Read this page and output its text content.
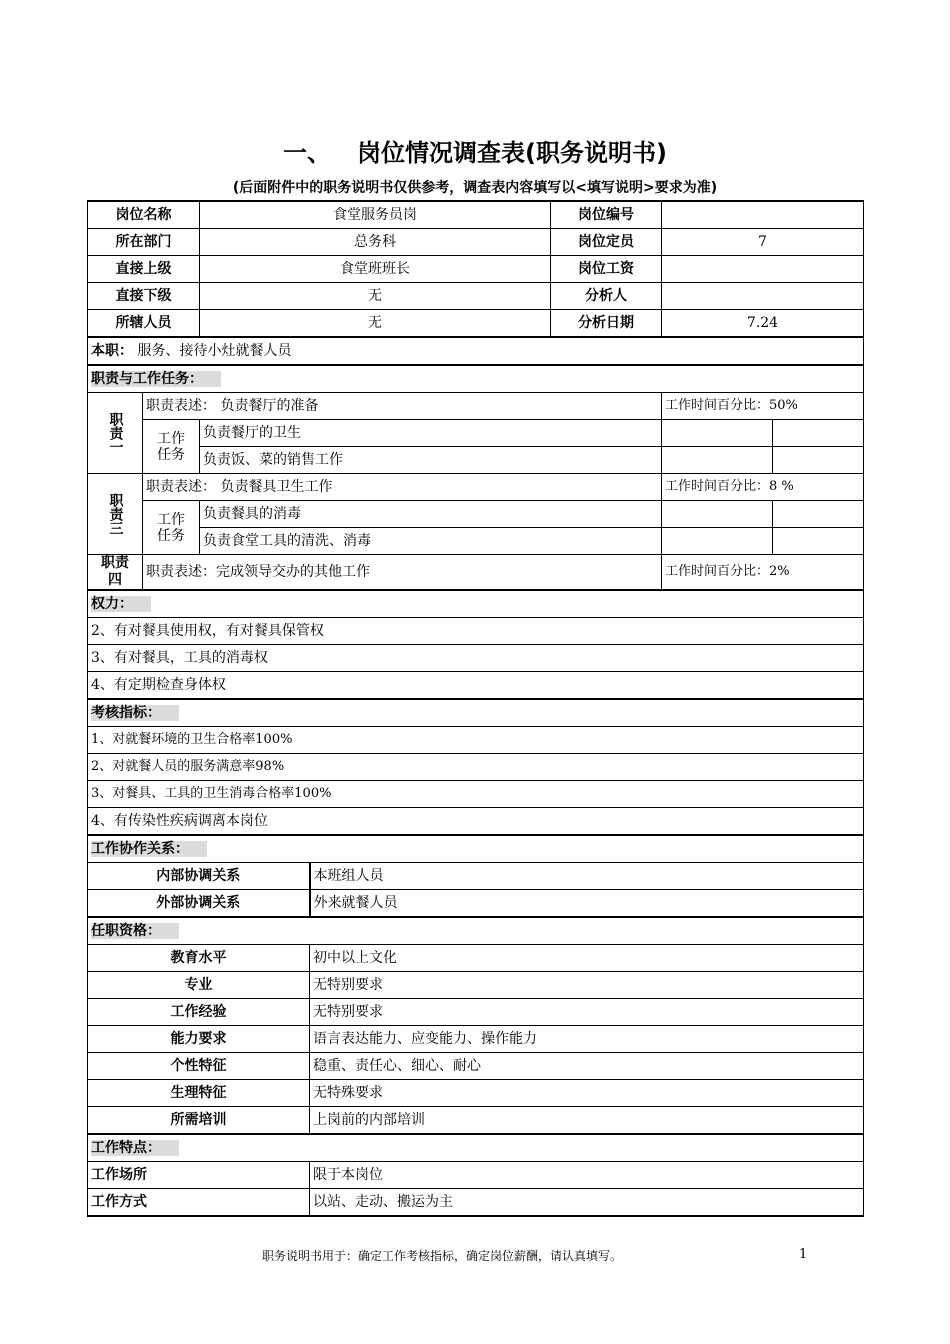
一、 岗位情况调查表(职务说明书)
(后面附件中的职务说明书仅供参考，调查表内容填写以<填写说明>要求为准)
岗位名称		食堂服务员岗		岗位编号		
所在部门		总务科		岗位定员	7	
直接上级		食堂班班长		岗位工资		
直接下级		无		分析人		
所辖人员		无		分析日期	7.24	
本职： 服务、接待小灶就餐人员						
职责与工作任务：						
职责一	职责表述： 负责餐厅的准备				工作时间百分比：50%	
	工作任务	负责餐厅的卫生				
		负责饭、菜的销售工作				
职责三	职责表述： 负责餐具卫生工作				工作时间百分比：8 %	
	工作任务	负责餐具的消毒				
		负责食堂工具的清洗、消毒				
职责四	职责表述：完成领导交办的其他工作				工作时间百分比：2%	
权力：						
2、有对餐具使用权，有对餐具保管权						
3、有对餐具，工具的消毒权						
4、有定期检查身体权						
考核指标：						
1、对就餐环境的卫生合格率100%						
2、对就餐人员的服务满意率98%						
3、对餐具、工具的卫生消毒合格率100%						
4、有传染性疾病调离本岗位						
工作协作关系：						
内部协调关系			本班组人员			
外部协调关系			外来就餐人员			
任职资格：						
教育水平			初中以上文化			
专业			无特别要求			
工作经验			无特别要求			
能力要求			语言表达能力、应变能力、操作能力			
个性特征			稳重、责任心、细心、耐心			
生理特征			无特殊要求			
所需培训			上岗前的内部培训			
工作特点：						
工作场所			限于本岗位			
工作方式			以站、走动、搬运为主			
职务说明书用于：确定工作考核指标，确定岗位薪酬，请认真填写。	1
